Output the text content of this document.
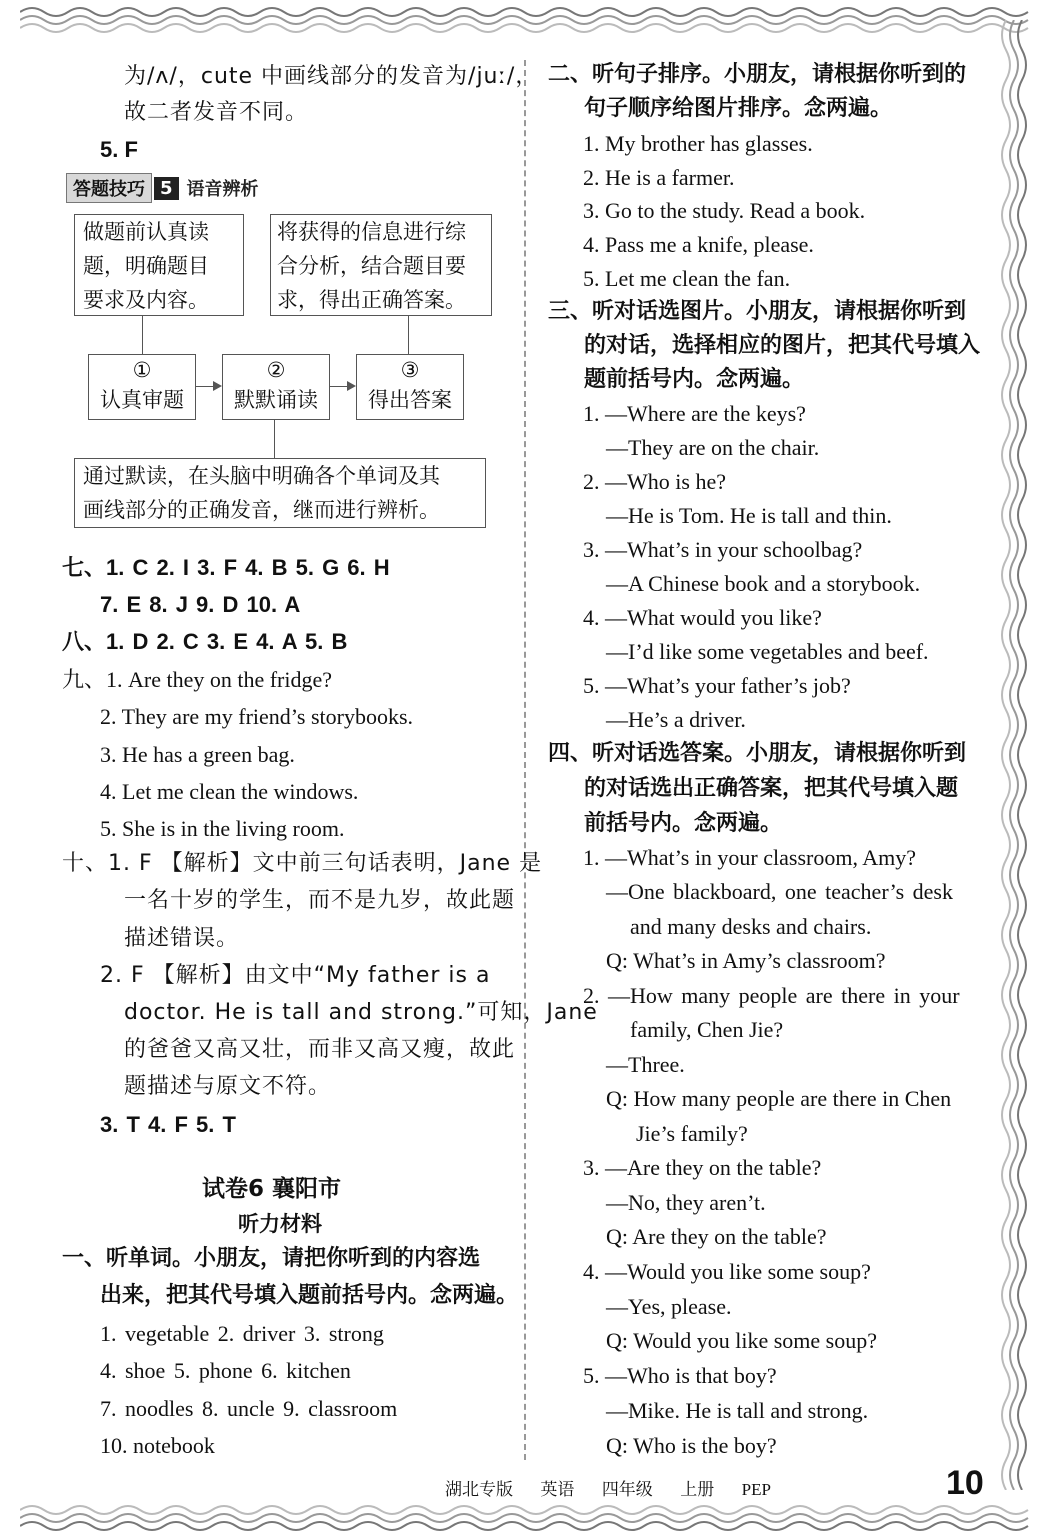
为/ʌ/，cute 中画线部分的发音为/juː/，
故二者发音不同。
5. F
答题技巧 5 语音辨析
做题前认真读
题，明确题目
要求及内容。
将获得的信息进行综
合分析，结合题目要
求，得出正确答案。
①
认真审题
②
默默诵读
③
得出答案
通过默读，在头脑中明确各个单词及其
画线部分的正确发音，继而进行辨析。
七、1. C 2. I 3. F 4. B 5. G 6. H
7. E 8. J 9. D 10. A
八、1. D 2. C 3. E 4. A 5. B
九、1. Are they on the fridge?
2. They are my friend’s storybooks.
3. He has a green bag.
4. Let me clean the windows.
5. She is in the living room.
十、1. F 【解析】文中前三句话表明，Jane 是
一名十岁的学生，而不是九岁，故此题
描述错误。
2. F 【解析】由文中“My father is a
doctor. He is tall and strong.”可知，Jane
的爸爸又高又壮，而非又高又瘦，故此
题描述与原文不符。
3. T 4. F 5. T
试卷6 襄阳市
听力材料
一、听单词。小朋友，请把你听到的内容选
出来，把其代号填入题前括号内。念两遍。
1. vegetable 2. driver 3. strong
4. shoe 5. phone 6. kitchen
7. noodles 8. uncle 9. classroom
10. notebook
二、听句子排序。小朋友，请根据你听到的
句子顺序给图片排序。念两遍。
1. My brother has glasses.
2. He is a farmer.
3. Go to the study. Read a book.
4. Pass me a knife, please.
5. Let me clean the fan.
三、听对话选图片。小朋友，请根据你听到
的对话，选择相应的图片，把其代号填入
题前括号内。念两遍。
1. —Where are the keys?
—They are on the chair.
2. —Who is he?
—He is Tom. He is tall and thin.
3. —What’s in your schoolbag?
—A Chinese book and a storybook.
4. —What would you like?
—I’d like some vegetables and beef.
5. —What’s your father’s job?
—He’s a driver.
四、听对话选答案。小朋友，请根据你听到
的对话选出正确答案，把其代号填入题
前括号内。念两遍。
1. —What’s in your classroom, Amy?
—One blackboard, one teacher’s desk
and many desks and chairs.
Q: What’s in Amy’s classroom?
2. —How many people are there in your
family, Chen Jie?
—Three.
Q: How many people are there in Chen
Jie’s family?
3. —Are they on the table?
—No, they aren’t.
Q: Are they on the table?
4. —Would you like some soup?
—Yes, please.
Q: Would you like some soup?
5. —Who is that boy?
—Mike. He is tall and strong.
Q: Who is the boy?
湖北专版 英语 四年级 上册 PEP	10
